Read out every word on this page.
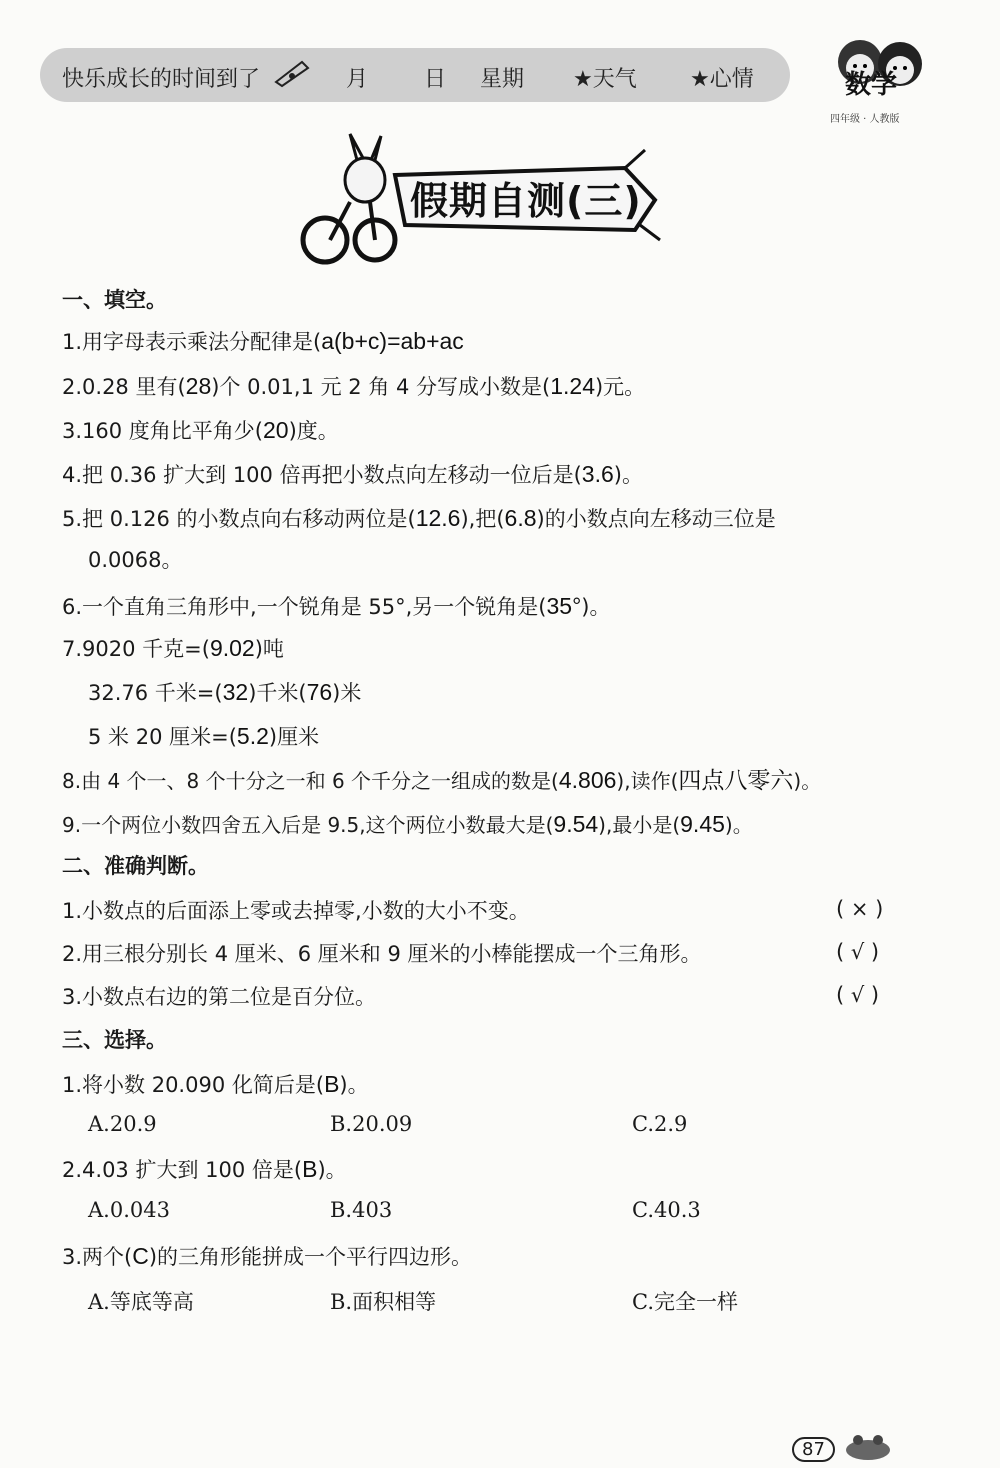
快乐成长的时间到了	月	日 星期 ★天气 ★心情	数学
四年级 · 人教版
假期自测(三)
一、填空。
1.用字母表示乘法分配律是(a(b+c)=ab+ac
2.0.28 里有(28)个 0.01,1 元 2 角 4 分写成小数是(1.24)元。
3.160 度角比平角少(20)度。
4.把 0.36 扩大到 100 倍再把小数点向左移动一位后是(3.6)。
5.把 0.126 的小数点向右移动两位是(12.6),把(6.8)的小数点向左移动三位是
0.0068。
6.一个直角三角形中,一个锐角是 55°,另一个锐角是(35°)。
7.9020 千克=(9.02)吨
32.76 千米=(32)千米(76)米
5 米 20 厘米=(5.2)厘米
8.由 4 个一、8 个十分之一和 6 个千分之一组成的数是(4.806),读作(四点八零六)。
9.一个两位小数四舍五入后是 9.5,这个两位小数最大是(9.54),最小是(9.45)。
二、准确判断。
1.小数点的后面添上零或去掉零,小数的大小不变。	( × )
2.用三根分别长 4 厘米、6 厘米和 9 厘米的小棒能摆成一个三角形。	( √ )
3.小数点右边的第二位是百分位。	( √ )
三、选择。
1.将小数 20.090 化简后是(B)。
A.20.9	B.20.09	C.2.9
2.4.03 扩大到 100 倍是(B)。
A.0.043	B.403	C.40.3
3.两个(C)的三角形能拼成一个平行四边形。
A.等底等高	B.面积相等	C.完全一样
87
